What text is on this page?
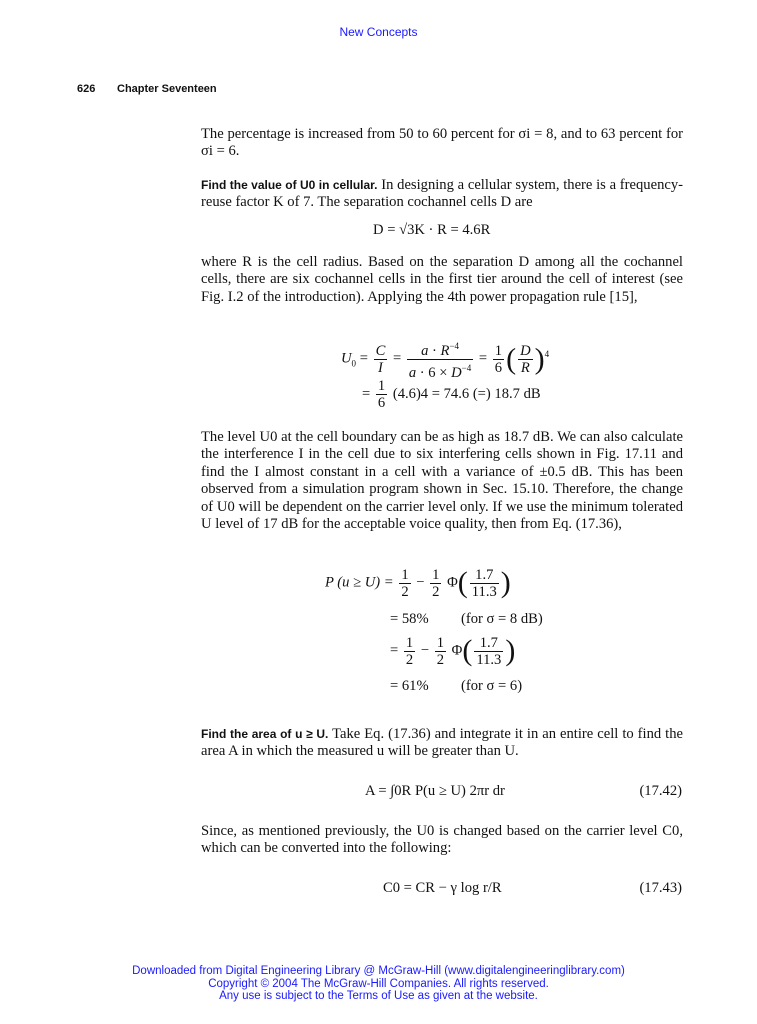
New Concepts
626 Chapter Seventeen
The percentage is increased from 50 to 60 percent for σi = 8, and to 63 percent for σi = 6.
Find the value of U0 in cellular. In designing a cellular system, there is a frequency-reuse factor K of 7. The separation cochannel cells D are
D = √3K · R = 4.6R
where R is the cell radius. Based on the separation D among all the cochannel cells, there are six cochannel cells in the first tier around the cell of interest (see Fig. I.2 of the introduction). Applying the 4th power propagation rule [15],
$U_0 = \frac{C}{I} = \frac{a \cdot R^{-4}}{a \cdot 6 \times D^{-4}} = \frac{1}{6}$ ( $\frac{D}{R} )^4$
= $\frac{1}{6} (4.6)4 = 74.6$ (=) 18.7 dB
The level U0 at the cell boundary can be as high as 18.7 dB. We can also calculate the interference I in the cell due to six interfering cells shown in Fig. 17.11 and find the I almost constant in a cell with a variance of ±0.5 dB. This has been observed from a simulation program shown in Sec. 15.10. Therefore, the change of U0 will be dependent on the carrier level only. If we use the minimum tolerated U level of 17 dB for the acceptable voice quality, then from Eq. (17.36),
P $(u \ge U) = \frac{1}{2} - \frac{1}{2} \Phi( \frac{1.7}{11.3}$ )
= 58% (for σ = 8 dB)
= $\frac{1}{2} - \frac{1}{2} \Phi( \frac{1.7}{11.3}$ )
= 61% (for σ = 6)
Find the area of u ≥ U. Take Eq. (17.36) and integrate it in an entire cell to find the area A in which the measured u will be greater than U.
A = ∫0R P(u ≥ U) 2πr dr	(17.42)
Since, as mentioned previously, the U0 is changed based on the carrier level C0, which can be converted into the following:
C0 = CR − γ log r/R	(17.43)
Downloaded from Digital Engineering Library @ McGraw-Hill (www.digitalengineeringlibrary.com)
Copyright © 2004 The McGraw-Hill Companies. All rights reserved.
Any use is subject to the Terms of Use as given at the website.
